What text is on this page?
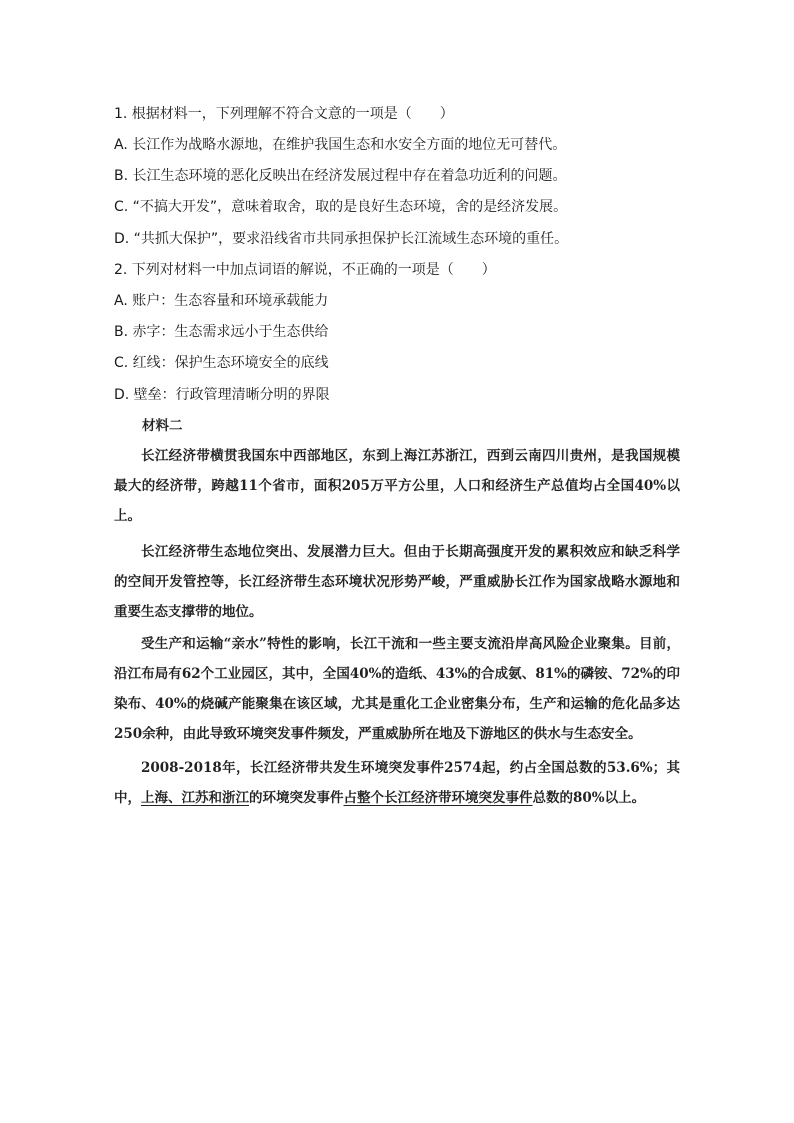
1. 根据材料一，下列理解不符合文意的一项是（　　）
A. 长江作为战略水源地，在维护我国生态和水安全方面的地位无可替代。
B. 长江生态环境的恶化反映出在经济发展过程中存在着急功近利的问题。
C. “不搞大开发”，意味着取舍，取的是良好生态环境，舍的是经济发展。
D. “共抓大保护”，要求沿线省市共同承担保护长江流域生态环境的重任。
2. 下列对材料一中加点词语的解说，不正确的一项是（　　）
A. 账户：生态容量和环境承载能力
B. 赤字：生态需求远小于生态供给
C. 红线：保护生态环境安全的底线
D. 壁垒：行政管理清晰分明的界限
材料二
长江经济带横贯我国东中西部地区，东到上海江苏浙江，西到云南四川贵州，是我国规模最大的经济带，跨越11个省市，面积205万平方公里，人口和经济生产总值均占全国40%以上。
长江经济带生态地位突出、发展潜力巨大。但由于长期高强度开发的累积效应和缺乏科学的空间开发管控等，长江经济带生态环境状况形势严峻，严重威胁长江作为国家战略水源地和重要生态支撑带的地位。
受生产和运输“亲水”特性的影响，长江干流和一些主要支流沿岸高风险企业聚集。目前，沿江布局有62个工业园区，其中，全国40%的造纸、43%的合成氨、81%的磷铵、72%的印染布、40%的烧碱产能聚集在该区域，尤其是重化工企业密集分布，生产和运输的危化品多达250余种，由此导致环境突发事件频发，严重威胁所在地及下游地区的供水与生态安全。
2008-2018年，长江经济带共发生环境突发事件2574起，约占全国总数的53.6%；其中，上海、江苏和浙江的环境突发事件占整个长江经济带环境突发事件总数的80%以上。
